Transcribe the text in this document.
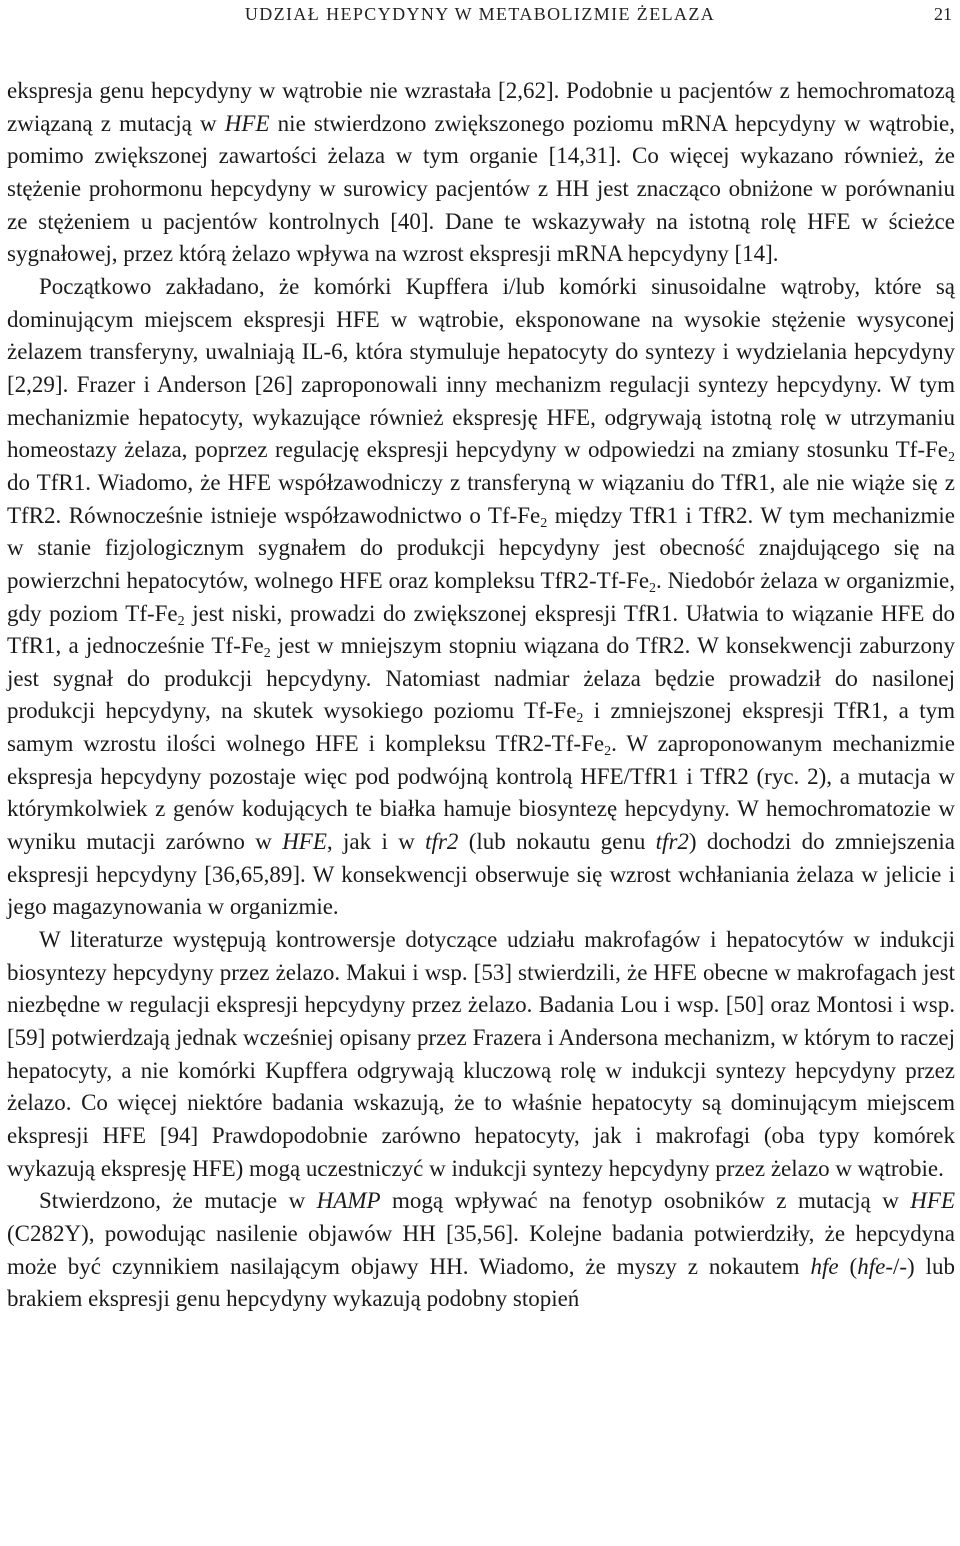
UDZIAŁ HEPCYDYNY W METABOLIZMIE ŻELAZA	21

ekspresja genu hepcydyny w wątrobie nie wzrastała [2,62]. Podobnie u pacjentów z hemochromatozą związaną z mutacją w HFE nie stwierdzono zwiększonego poziomu mRNA hepcydyny w wątrobie, pomimo zwiększonej zawartości żelaza w tym organie [14,31]. Co więcej wykazano również, że stężenie prohormonu hepcydyny w surowicy pacjentów z HH jest znacząco obniżone w porównaniu ze stężeniem u pacjentów kontrolnych [40]. Dane te wskazywały na istotną rolę HFE w ścieżce sygnałowej, przez którą żelazo wpływa na wzrost ekspresji mRNA hepcydyny [14].

Początkowo zakładano, że komórki Kupffera i/lub komórki sinusoidalne wątroby, które są dominującym miejscem ekspresji HFE w wątrobie, eksponowane na wysokie stężenie wysyconej żelazem transferyny, uwalniają IL-6, która stymuluje hepatocyty do syntezy i wydzielania hepcydyny [2,29]. Frazer i Anderson [26] zaproponowali inny mechanizm regulacji syntezy hepcydyny. W tym mechanizmie hepatocyty, wykazujące również ekspresję HFE, odgrywają istotną rolę w utrzymaniu homeostazy żelaza, poprzez regulację ekspresji hepcydyny w odpowiedzi na zmiany stosunku $Tf-Fe_2$ do TfR1. Wiadomo, że HFE współzawodniczy z transferyną w wiązaniu do TfR1, ale nie wiąże się z TfR2. Równocześnie istnieje współzawodnictwo o $Tf-Fe_2$ między TfR1 i TfR2. W tym mechanizmie w stanie fizjologicznym sygnałem do produkcji hepcydyny jest obecność znajdującego się na powierzchni hepatocytów, wolnego HFE oraz kompleksu $TfR2-Tf-Fe_2$. Niedobór żelaza w organizmie, gdy poziom $Tf-Fe_2$ jest niski, prowadzi do zwiększonej ekspresji TfR1. Ułatwia to wiązanie HFE do TfR1, a jednocześnie $Tf-Fe_2$ jest w mniejszym stopniu wiązana do TfR2. W konsekwencji zaburzony jest sygnał do produkcji hepcydyny. Natomiast nadmiar żelaza będzie prowadził do nasilonej produkcji hepcydyny, na skutek wysokiego poziomu $Tf-Fe_2$ i zmniejszonej ekspresji TfR1, a tym samym wzrostu ilości wolnego HFE i kompleksu $TfR2-Tf-Fe_2$. W zaproponowanym mechanizmie ekspresja hepcydyny pozostaje więc pod podwójną kontrolą HFE/TfR1 i TfR2 (ryc. 2), a mutacja w którymkolwiek z genów kodujących te białka hamuje biosyntezę hepcydyny. W hemochromatozie w wyniku mutacji zarówno w HFE, jak i w tfr2 (lub nokautu genu tfr2) dochodzi do zmniejszenia ekspresji hepcydyny [36,65,89]. W konsekwencji obserwuje się wzrost wchłaniania żelaza w jelicie i jego magazynowania w organizmie.

W literaturze występują kontrowersje dotyczące udziału makrofagów i hepatocytów w indukcji biosyntezy hepcydyny przez żelazo. Makui i wsp. [53] stwierdzili, że HFE obecne w makrofagach jest niezbędne w regulacji ekspresji hepcydyny przez żelazo. Badania Lou i wsp. [50] oraz Montosi i wsp. [59] potwierdzają jednak wcześniej opisany przez Frazera i Andersona mechanizm, w którym to raczej hepatocyty, a nie komórki Kupffera odgrywają kluczową rolę w indukcji syntezy hepcydyny przez żelazo. Co więcej niektóre badania wskazują, że to właśnie hepatocyty są dominującym miejscem ekspresji HFE [94] Prawdopodobnie zarówno hepatocyty, jak i makrofagi (oba typy komórek wykazują ekspresję HFE) mogą uczestniczyć w indukcji syntezy hepcydyny przez żelazo w wątrobie.

Stwierdzono, że mutacje w HAMP mogą wpływać na fenotyp osobników z mutacją w HFE (C282Y), powodując nasilenie objawów HH [35,56]. Kolejne badania potwierdziły, że hepcydyna może być czynnikiem nasilającym objawy HH. Wiadomo, że myszy z nokautem hfe (hfe-/-) lub brakiem ekspresji genu hepcydyny wykazują podobny stopień
